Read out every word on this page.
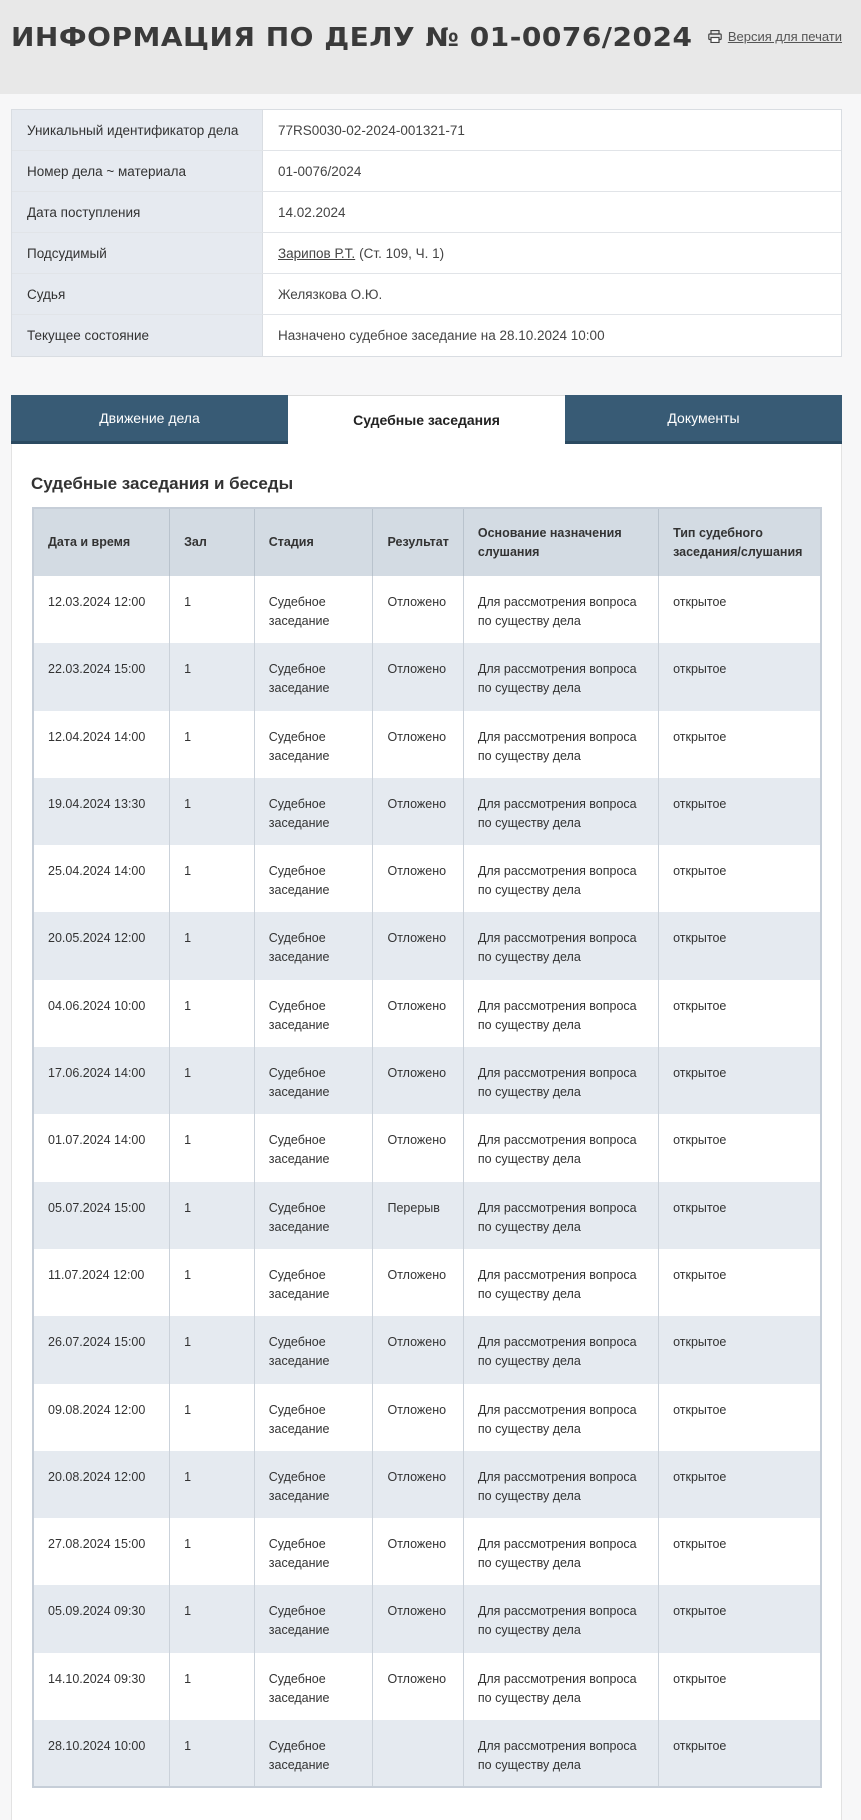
ИНФОРМАЦИЯ ПО ДЕЛУ № 01-0076/2024	Версия для печати
Уникальный идентификатор дела	77RS0030-02-2024-001321-71
Номер дела ~ материала	01-0076/2024
Дата поступления	14.02.2024
Подсудимый	Зарипов Р.Т. (Ст. 109, Ч. 1)
Судья	Желязкова О.Ю.
Текущее состояние	Назначено судебное заседание на 28.10.2024 10:00
Движение дела	Судебные заседания	Документы
Судебные заседания и беседы
Дата и время	Зал	Стадия	Результат	Основание назначения слушания	Тип судебного заседания/слушания
12.03.2024 12:00	1	Судебное заседание	Отложено	Для рассмотрения вопроса по существу дела	открытое
22.03.2024 15:00	1	Судебное заседание	Отложено	Для рассмотрения вопроса по существу дела	открытое
12.04.2024 14:00	1	Судебное заседание	Отложено	Для рассмотрения вопроса по существу дела	открытое
19.04.2024 13:30	1	Судебное заседание	Отложено	Для рассмотрения вопроса по существу дела	открытое
25.04.2024 14:00	1	Судебное заседание	Отложено	Для рассмотрения вопроса по существу дела	открытое
20.05.2024 12:00	1	Судебное заседание	Отложено	Для рассмотрения вопроса по существу дела	открытое
04.06.2024 10:00	1	Судебное заседание	Отложено	Для рассмотрения вопроса по существу дела	открытое
17.06.2024 14:00	1	Судебное заседание	Отложено	Для рассмотрения вопроса по существу дела	открытое
01.07.2024 14:00	1	Судебное заседание	Отложено	Для рассмотрения вопроса по существу дела	открытое
05.07.2024 15:00	1	Судебное заседание	Перерыв	Для рассмотрения вопроса по существу дела	открытое
11.07.2024 12:00	1	Судебное заседание	Отложено	Для рассмотрения вопроса по существу дела	открытое
26.07.2024 15:00	1	Судебное заседание	Отложено	Для рассмотрения вопроса по существу дела	открытое
09.08.2024 12:00	1	Судебное заседание	Отложено	Для рассмотрения вопроса по существу дела	открытое
20.08.2024 12:00	1	Судебное заседание	Отложено	Для рассмотрения вопроса по существу дела	открытое
27.08.2024 15:00	1	Судебное заседание	Отложено	Для рассмотрения вопроса по существу дела	открытое
05.09.2024 09:30	1	Судебное заседание	Отложено	Для рассмотрения вопроса по существу дела	открытое
14.10.2024 09:30	1	Судебное заседание	Отложено	Для рассмотрения вопроса по существу дела	открытое
28.10.2024 10:00	1	Судебное заседание		Для рассмотрения вопроса по существу дела	открытое
